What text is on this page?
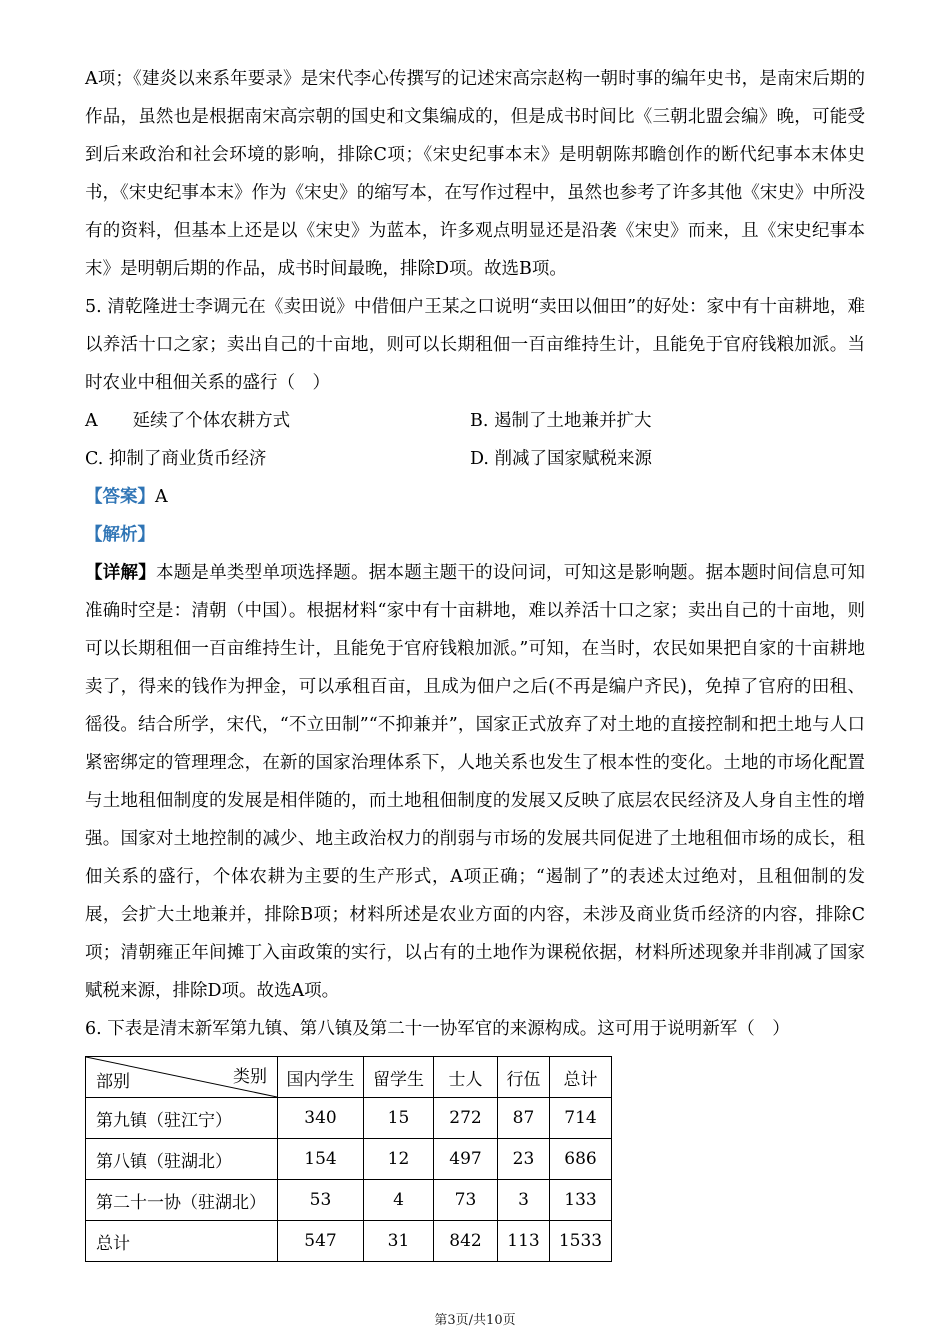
A项；《建炎以来系年要录》是宋代李心传撰写的记述宋高宗赵构一朝时事的编年史书，是南宋后期的作品，虽然也是根据南宋高宗朝的国史和文集编成的，但是成书时间比《三朝北盟会编》晚，可能受到后来政治和社会环境的影响，排除C项；《宋史纪事本末》是明朝陈邦瞻创作的断代纪事本末体史书，《宋史纪事本末》作为《宋史》的缩写本，在写作过程中，虽然也参考了许多其他《宋史》中所没有的资料，但基本上还是以《宋史》为蓝本，许多观点明显还是沿袭《宋史》而来，且《宋史纪事本末》是明朝后期的作品，成书时间最晚，排除D项。故选B项。

5. 清乾隆进士李调元在《卖田说》中借佃户王某之口说明“卖田以佃田”的好处：家中有十亩耕地，难以养活十口之家；卖出自己的十亩地，则可以长期租佃一百亩维持生计，且能免于官府钱粮加派。当时农业中租佃关系的盛行（　）

A　　延续了个体农耕方式	B. 遏制了土地兼并扩大
C. 抑制了商业货币经济	D. 削减了国家赋税来源

【答案】A

【解析】

【详解】本题是单类型单项选择题。据本题主题干的设问词，可知这是影响题。据本题时间信息可知准确时空是：清朝（中国）。根据材料“家中有十亩耕地，难以养活十口之家；卖出自己的十亩地，则可以长期租佃一百亩维持生计，且能免于官府钱粮加派。”可知，在当时，农民如果把自家的十亩耕地卖了，得来的钱作为押金，可以承租百亩，且成为佃户之后(不再是编户齐民)，免掉了官府的田租、徭役。结合所学，宋代，“不立田制”“不抑兼并”，国家正式放弃了对土地的直接控制和把土地与人口紧密绑定的管理理念，在新的国家治理体系下，人地关系也发生了根本性的变化。土地的市场化配置与土地租佃制度的发展是相伴随的，而土地租佃制度的发展又反映了底层农民经济及人身自主性的增强。国家对土地控制的减少、地主政治权力的削弱与市场的发展共同促进了土地租佃市场的成长，租佃关系的盛行，个体农耕为主要的生产形式，A项正确；“遏制了”的表述太过绝对，且租佃制的发展，会扩大土地兼并，排除B项；材料所述是农业方面的内容，未涉及商业货币经济的内容，排除C项；清朝雍正年间摊丁入亩政策的实行，以占有的土地作为课税依据，材料所述现象并非削减了国家赋税来源，排除D项。故选A项。

6. 下表是清末新军第九镇、第八镇及第二十一协军官的来源构成。这可用于说明新军（　）

类别
部别	国内学生	留学生	士人	行伍	总计
第九镇（驻江宁）	340	15	272	87	714
第八镇（驻湖北）	154	12	497	23	686
第二十一协（驻湖北）	53	4	73	3	133
总计	547	31	842	113	1533
第3页/共10页
